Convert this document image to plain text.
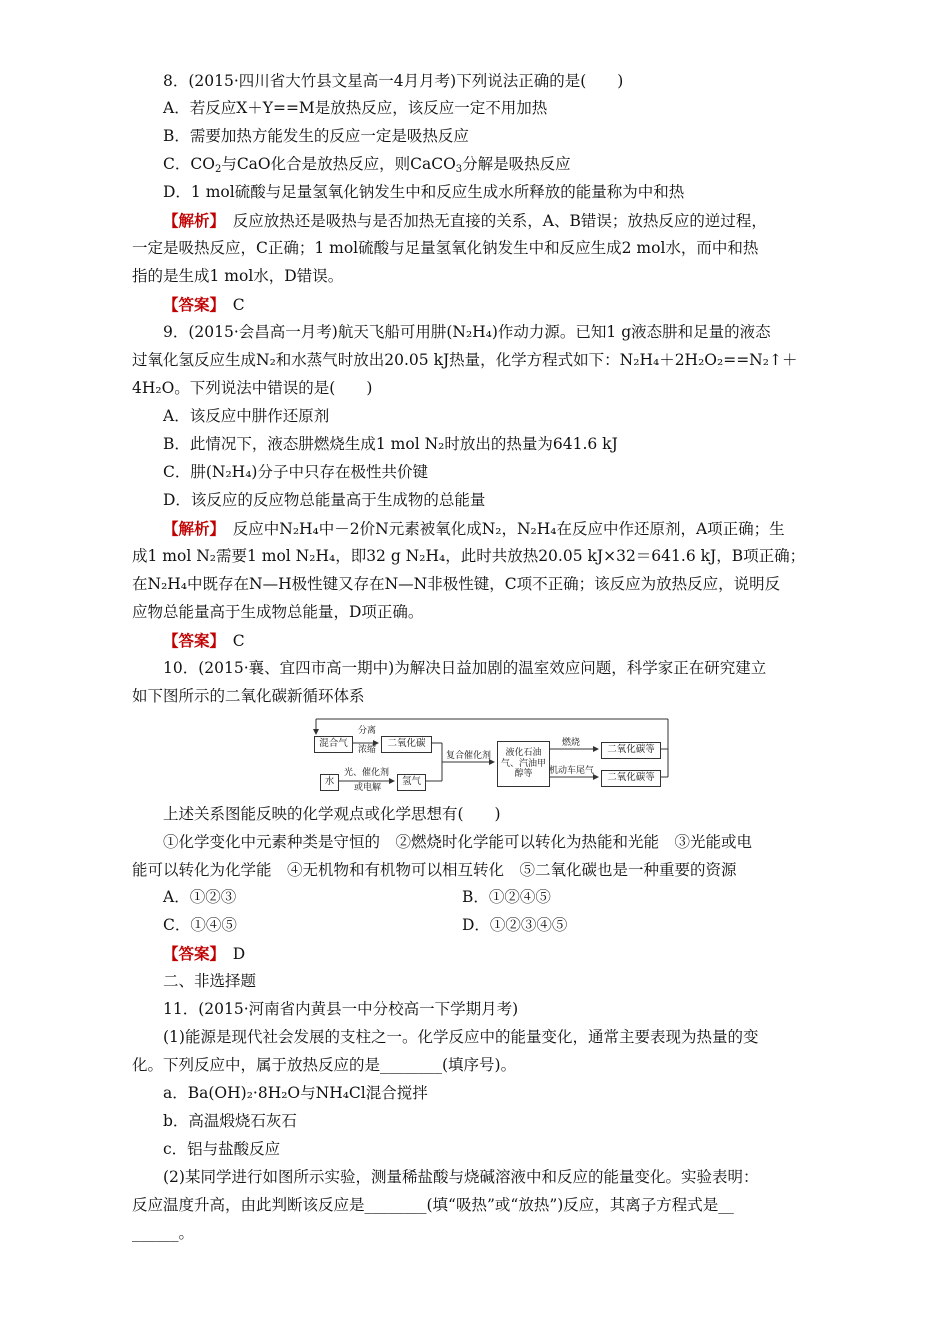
8．(2015·四川省大竹县文星高一4月月考)下列说法正确的是(　　)
A．若反应X＋Y==M是放热反应，该反应一定不用加热
B．需要加热方能发生的反应一定是吸热反应
C．$CO_2$与CaO化合是放热反应，则CaCO$_3$分解是吸热反应
D．1 mol硫酸与足量氢氧化钠发生中和反应生成水所释放的能量称为中和热
【解析】　反应放热还是吸热与是否加热无直接的关系，A、B错误；放热反应的逆过程，
一定是吸热反应，C正确；1 mol硫酸与足量氢氧化钠发生中和反应生成2 mol水，而中和热
指的是生成1 mol水，D错误。
【答案】　C
9．(2015·会昌高一月考)航天飞船可用肼(N₂H₄)作动力源。已知1 g液态肼和足量的液态
过氧化氢反应生成N₂和水蒸气时放出20.05 kJ热量，化学方程式如下：N₂H₄＋2H₂O₂==N₂↑＋
4H₂O。下列说法中错误的是(　　)
A．该反应中肼作还原剂
B．此情况下，液态肼燃烧生成1 mol N₂时放出的热量为641.6 kJ
C．肼(N₂H₄)分子中只存在极性共价键
D．该反应的反应物总能量高于生成物的总能量
【解析】　反应中N₂H₄中－2价N元素被氧化成N₂，N₂H₄在反应中作还原剂，A项正确；生
成1 mol N₂需要1 mol N₂H₄，即32 g N₂H₄，此时共放热20.05 kJ×32＝641.6 kJ，B项正确；
在N₂H₄中既存在N—H极性键又存在N—N非极性键，C项不正确；该反应为放热反应，说明反
应物总能量高于生成物总能量，D项正确。
【答案】　C
10．(2015·襄、宜四市高一期中)为解决日益加剧的温室效应问题，科学家正在研究建立
如下图所示的二氧化碳新循环体系
混合气	二氧化碳
水	氢气
液化石油气、汽油甲醇等
二氧化碳等
二氧化碳等
分离
浓缩
光、催化剂
或电解
复合催化剂
燃烧
机动车尾气
上述关系图能反映的化学观点或化学思想有(　　)
①化学变化中元素种类是守恒的　②燃烧时化学能可以转化为热能和光能　③光能或电
能可以转化为化学能　④无机物和有机物可以相互转化　⑤二氧化碳也是一种重要的资源
A．①②③	B．①②④⑤
C．①④⑤	D．①②③④⑤
【答案】　D
二、非选择题
11．(2015·河南省内黄县一中分校高一下学期月考)
(1)能源是现代社会发展的支柱之一。化学反应中的能量变化，通常主要表现为热量的变
化。下列反应中，属于放热反应的是________(填序号)。
a．Ba(OH)₂·8H₂O与NH₄Cl混合搅拌
b．高温煅烧石灰石
c．铝与盐酸反应
(2)某同学进行如图所示实验，测量稀盐酸与烧碱溶液中和反应的能量变化。实验表明：
反应温度升高，由此判断该反应是________(填“吸热”或“放热”)反应，其离子方程式是__
______。
